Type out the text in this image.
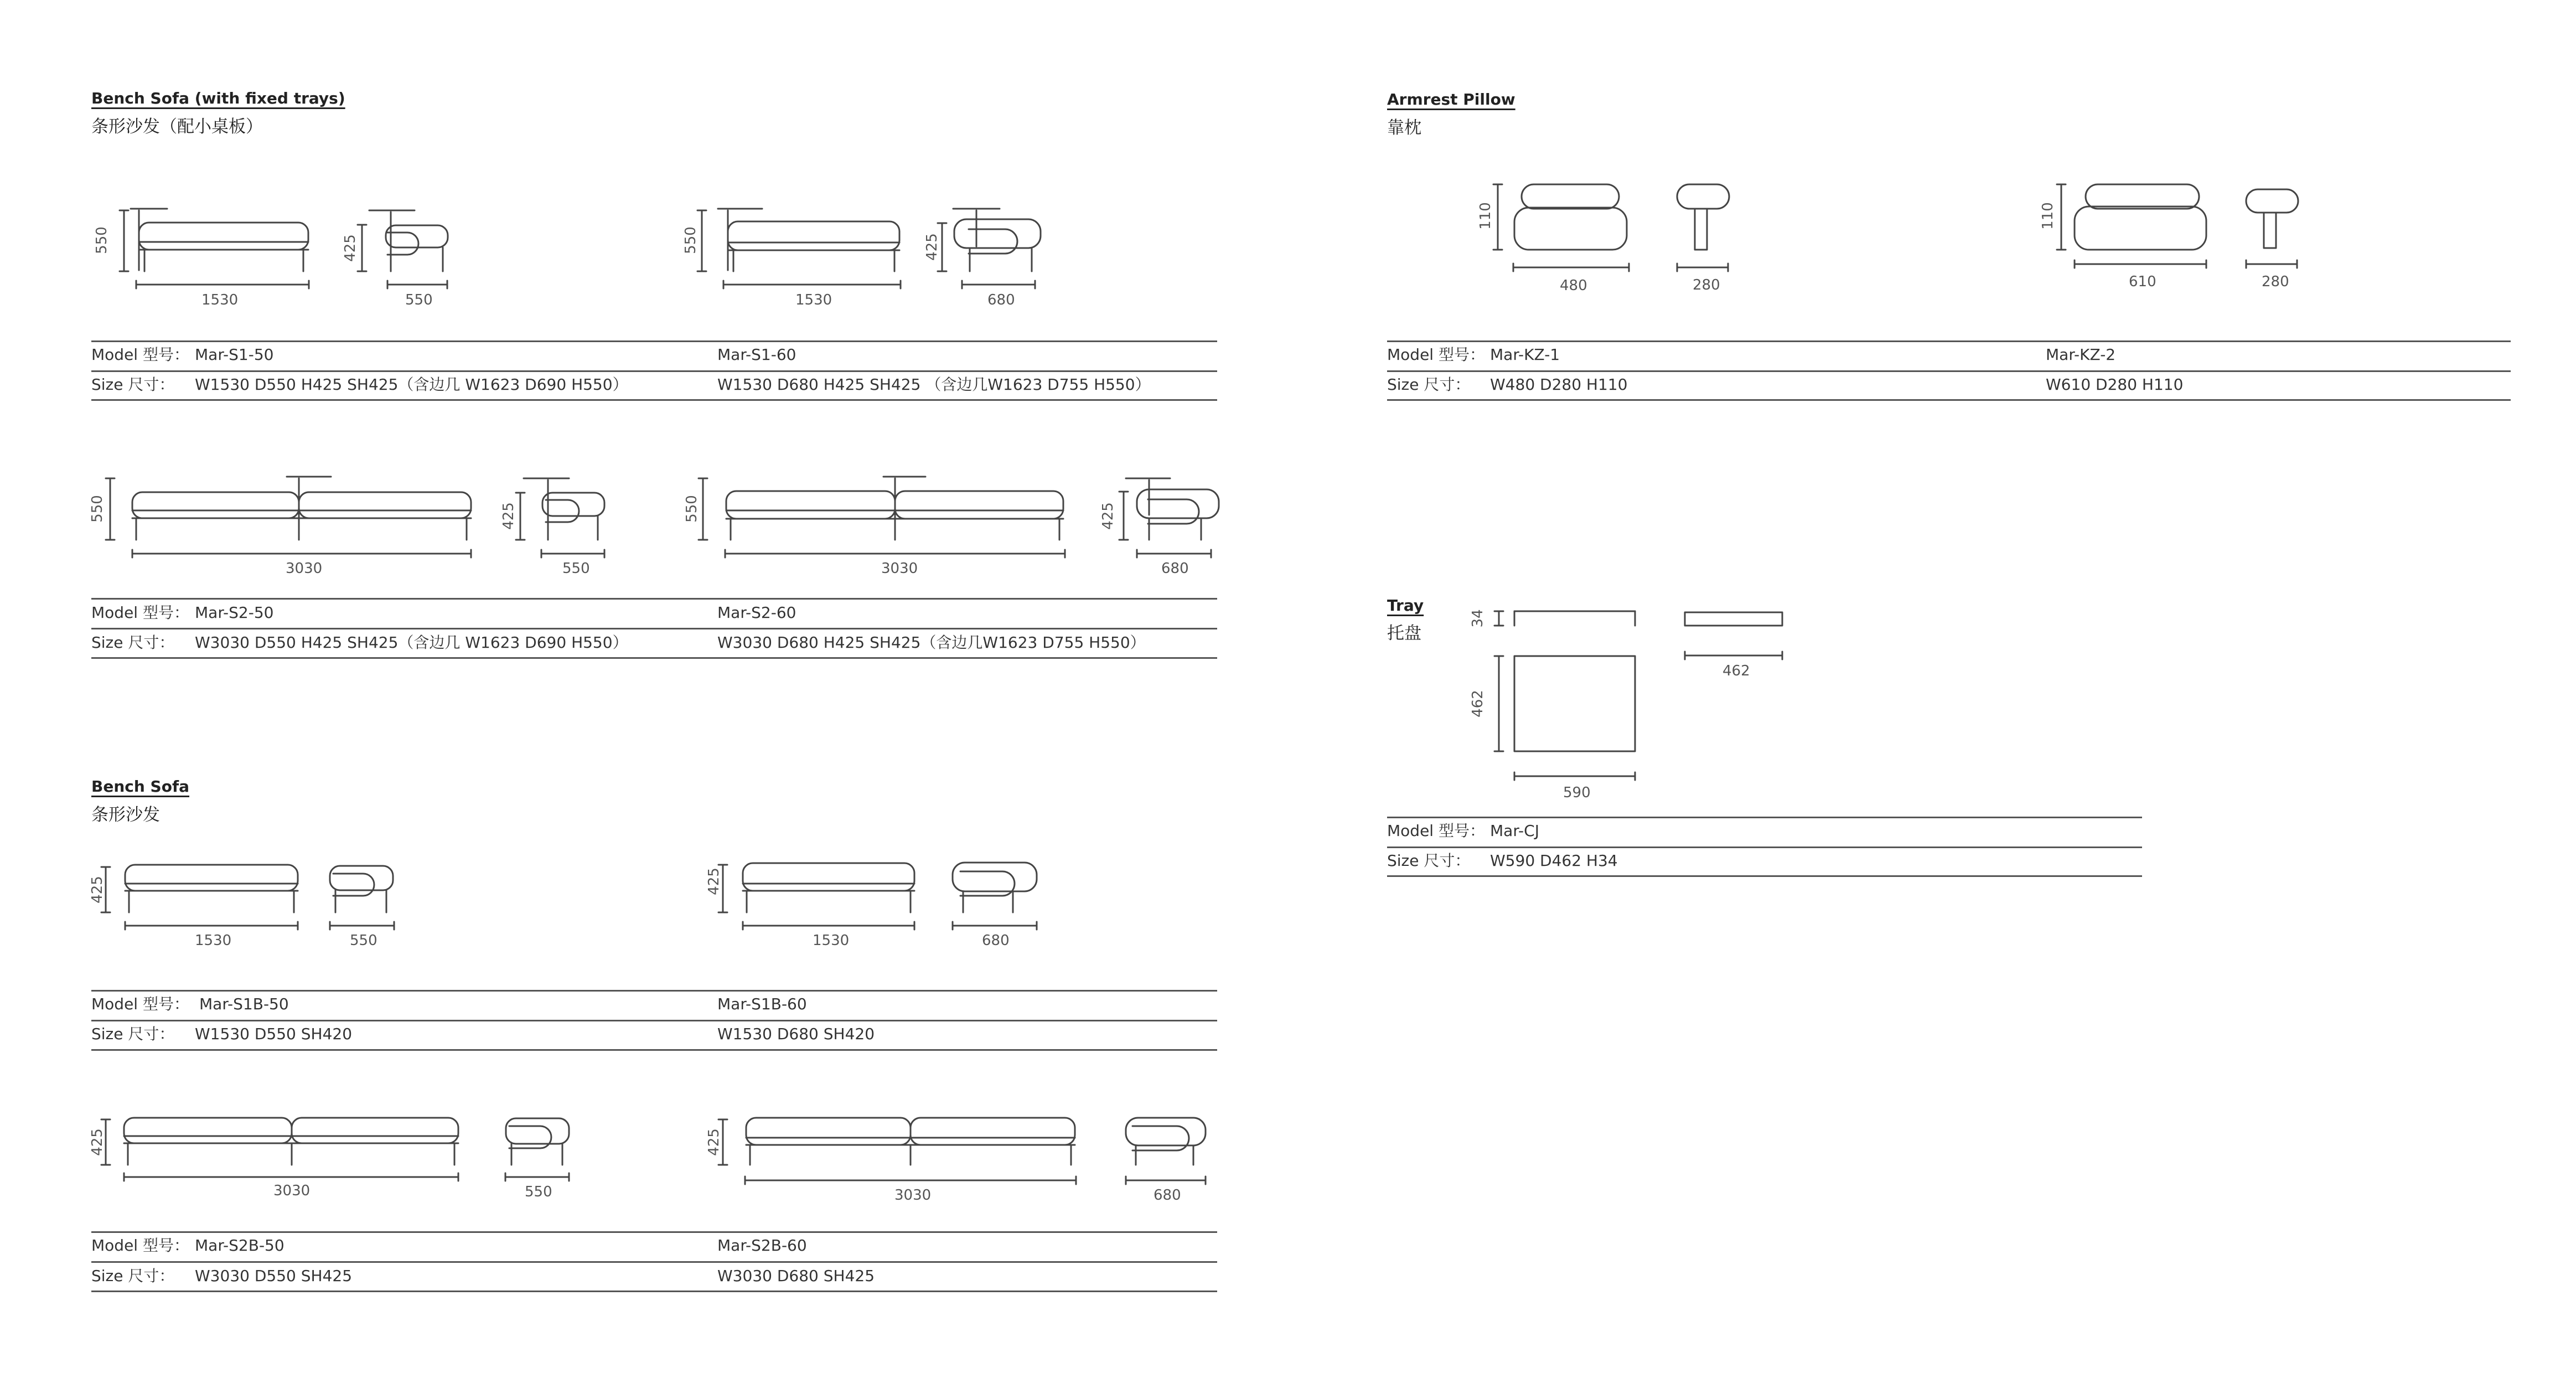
Bench Sofa (with fixed trays)
条形沙发（配小桌板）
Bench Sofa
条形沙发
Armrest Pillow
靠枕
Tray
托盘
550
1530
425
550
550
1530
425
680
550
3030
425
550
550
3030
425
680
425
1530	550
425
1530	680
425
3030	550
425
3030	680
110
480	280
110
610	280
34
462
462
590
Model 型号： Mar-S1-50	Mar-S1-60
Size 尺寸： W1530 D550 H425 SH425（含边几 W1623 D690 H550）	W1530 D680 H425 SH425 （含边几W1623 D755 H550）
Model 型号： Mar-S2-50	Mar-S2-60
Size 尺寸： W3030 D550 H425 SH425（含边几 W1623 D690 H550）	W3030 D680 H425 SH425（含边几W1623 D755 H550）
Model 型号： Mar-S1B-50	Mar-S1B-60
Size 尺寸： W1530 D550 SH420	W1530 D680 SH420
Model 型号： Mar-S2B-50	Mar-S2B-60
Size 尺寸： W3030 D550 SH425	W3030 D680 SH425
Model 型号： Mar-KZ-1	Mar-KZ-2
Size 尺寸： W480 D280 H110	W610 D280 H110
Model 型号： Mar-CJ
Size 尺寸： W590 D462 H34
